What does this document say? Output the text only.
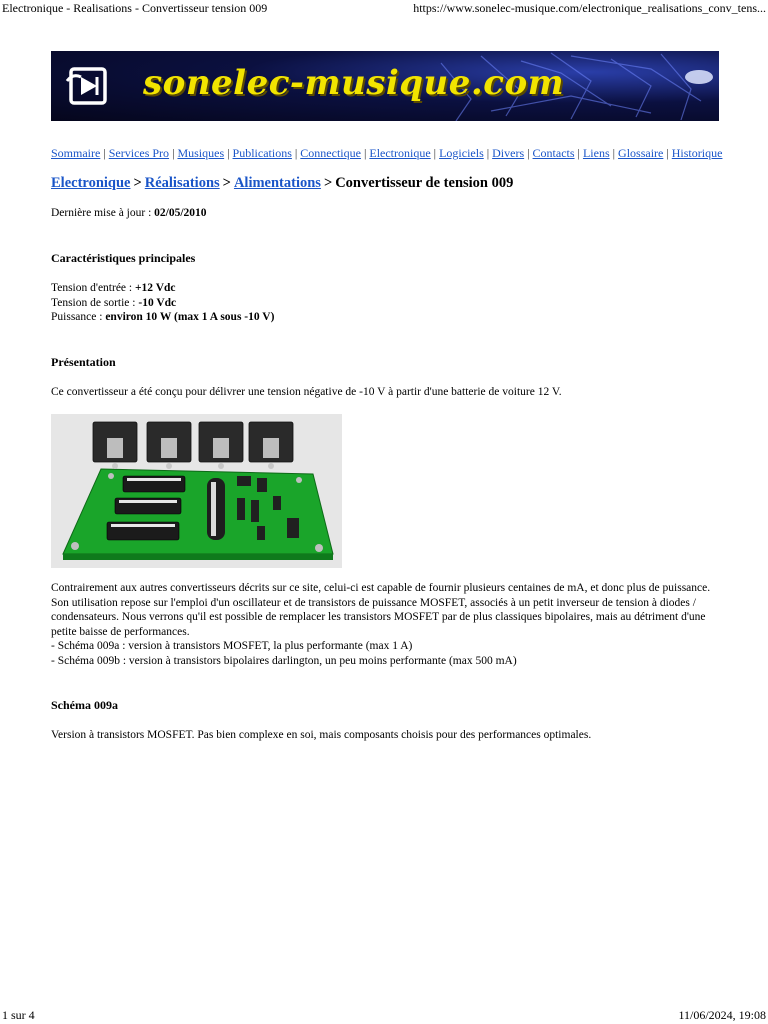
Electronique - Realisations - Convertisseur tension 009	https://www.sonelec-musique.com/electronique_realisations_conv_tens...
sonelec-musique.com
Sommaire | Services Pro | Musiques | Publications | Connectique | Electronique | Logiciels | Divers | Contacts | Liens | Glossaire | Historique
Electronique > Réalisations > Alimentations > Convertisseur de tension 009
Dernière mise à jour : 02/05/2010
Caractéristiques principales
Tension d'entrée : +12 Vdc
Tension de sortie : -10 Vdc
Puissance : environ 10 W (max 1 A sous -10 V)
Présentation
Ce convertisseur a été conçu pour délivrer une tension négative de -10 V à partir d'une batterie de voiture 12 V.
Contrairement aux autres convertisseurs décrits sur ce site, celui-ci est capable de fournir plusieurs centaines de mA, et donc plus de puissance. Son utilisation repose sur l'emploi d'un oscillateur et de transistors de puissance MOSFET, associés à un petit inverseur de tension à diodes / condensateurs. Nous verrons qu'il est possible de remplacer les transistors MOSFET par de plus classiques bipolaires, mais au détriment d'une petite baisse de performances.
- Schéma 009a : version à transistors MOSFET, la plus performante (max 1 A)
- Schéma 009b : version à transistors bipolaires darlington, un peu moins performante (max 500 mA)
Schéma 009a
Version à transistors MOSFET. Pas bien complexe en soi, mais composants choisis pour des performances optimales.
1 sur 4	11/06/2024, 19:08
